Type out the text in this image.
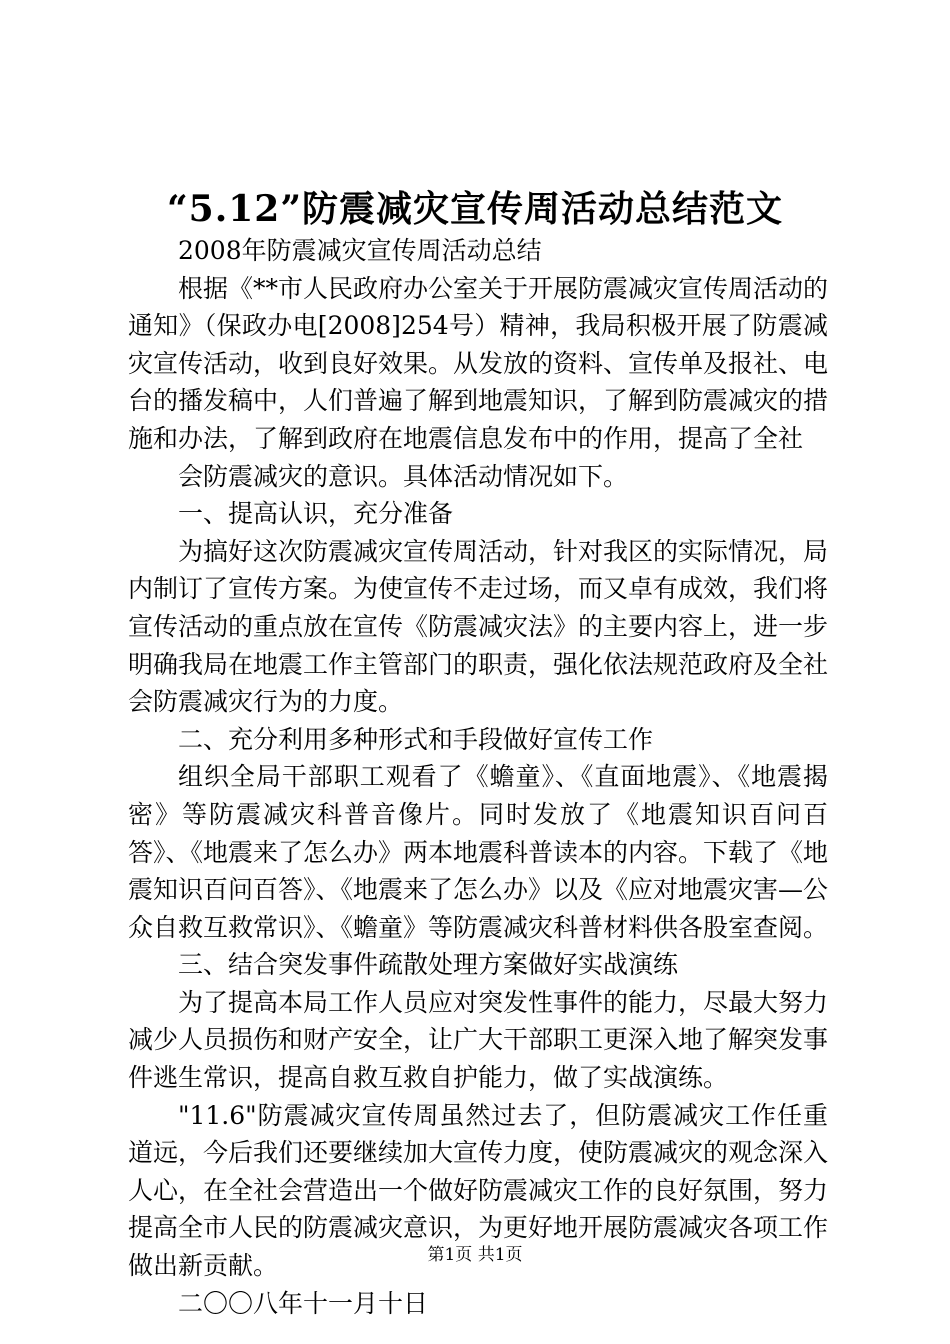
“5.12”防震减灾宣传周活动总结范文

2008年防震减灾宣传周活动总结

根据《**市人民政府办公室关于开展防震减灾宣传周活动的通知》（保政办电[2008]254号）精神，我局积极开展了防震减灾宣传活动，收到良好效果。从发放的资料、宣传单及报社、电台的播发稿中，人们普遍了解到地震知识，了解到防震减灾的措施和办法，了解到政府在地震信息发布中的作用，提高了全社

会防震减灾的意识。具体活动情况如下。

一、提高认识，充分准备

为搞好这次防震减灾宣传周活动，针对我区的实际情况，局内制订了宣传方案。为使宣传不走过场，而又卓有成效，我们将宣传活动的重点放在宣传《防震减灾法》的主要内容上，进一步明确我局在地震工作主管部门的职责，强化依法规范政府及全社会防震减灾行为的力度。

二、充分利用多种形式和手段做好宣传工作

组织全局干部职工观看了《蟾童》、《直面地震》、《地震揭密》等防震减灾科普音像片。同时发放了《地震知识百问百答》、《地震来了怎么办》两本地震科普读本的内容。下载了《地震知识百问百答》、《地震来了怎么办》以及《应对地震灾害—公众自救互救常识》、《蟾童》等防震减灾科普材料供各股室查阅。

三、结合突发事件疏散处理方案做好实战演练

为了提高本局工作人员应对突发性事件的能力，尽最大努力减少人员损伤和财产安全，让广大干部职工更深入地了解突发事件逃生常识，提高自救互救自护能力，做了实战演练。

"11.6"防震减灾宣传周虽然过去了，但防震减灾工作任重道远，今后我们还要继续加大宣传力度，使防震减灾的观念深入人心，在全社会营造出一个做好防震减灾工作的良好氛围，努力提高全市人民的防震减灾意识，为更好地开展防震减灾各项工作做出新贡献。

二〇〇八年十一月十日

第1页 共1页
